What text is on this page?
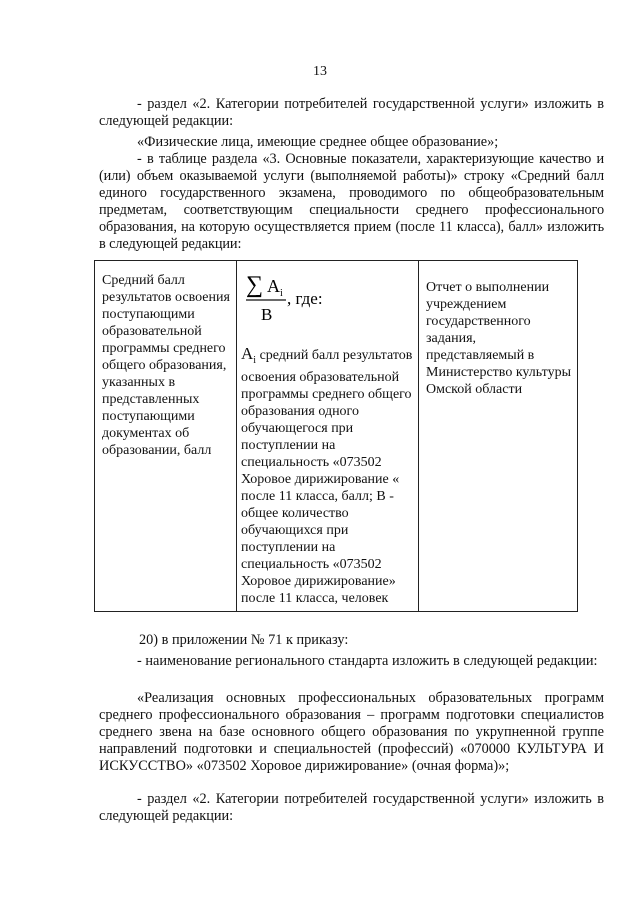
13

- раздел «2. Категории потребителей государственной услуги» изложить в следующей редакции:

«Физические лица, имеющие среднее общее образование»;

- в таблице раздела «3. Основные показатели, характеризующие качество и (или) объем оказываемой услуги (выполняемой работы)» строку «Средний балл единого государственного экзамена, проводимого по общеобразовательным предметам, соответствующим специальности среднего профессионального образования, на которую осуществляется прием (после 11 класса), балл» изложить в следующей редакции:

Средний балл результатов освоения поступающими образовательной программы среднего общего образования, указанных в представленных поступающими документах об образовании, балл
∑ A i
B
, где:
$A_i$ средний балл результатов освоения образовательной программы среднего общего образования одного обучающегося при поступлении на специальность «073502 Хоровое дирижирование « после 11 класса, балл; B - общее количество обучающихся при поступлении на специальность «073502 Хоровое дирижирование» после 11 класса, человек
Отчет о выполнении учреждением государственного задания, представляемый в Министерство культуры Омской области

20) в приложении № 71 к приказу:

- наименование регионального стандарта изложить в следующей редакции:

«Реализация основных профессиональных образовательных программ среднего профессионального образования – программ подготовки специалистов среднего звена на базе основного общего образования по укрупненной группе направлений подготовки и специальностей (профессий) «070000 КУЛЬТУРА И ИСКУССТВО» «073502 Хоровое дирижирование» (очная форма)»;

- раздел «2. Категории потребителей государственной услуги» изложить в следующей редакции:
